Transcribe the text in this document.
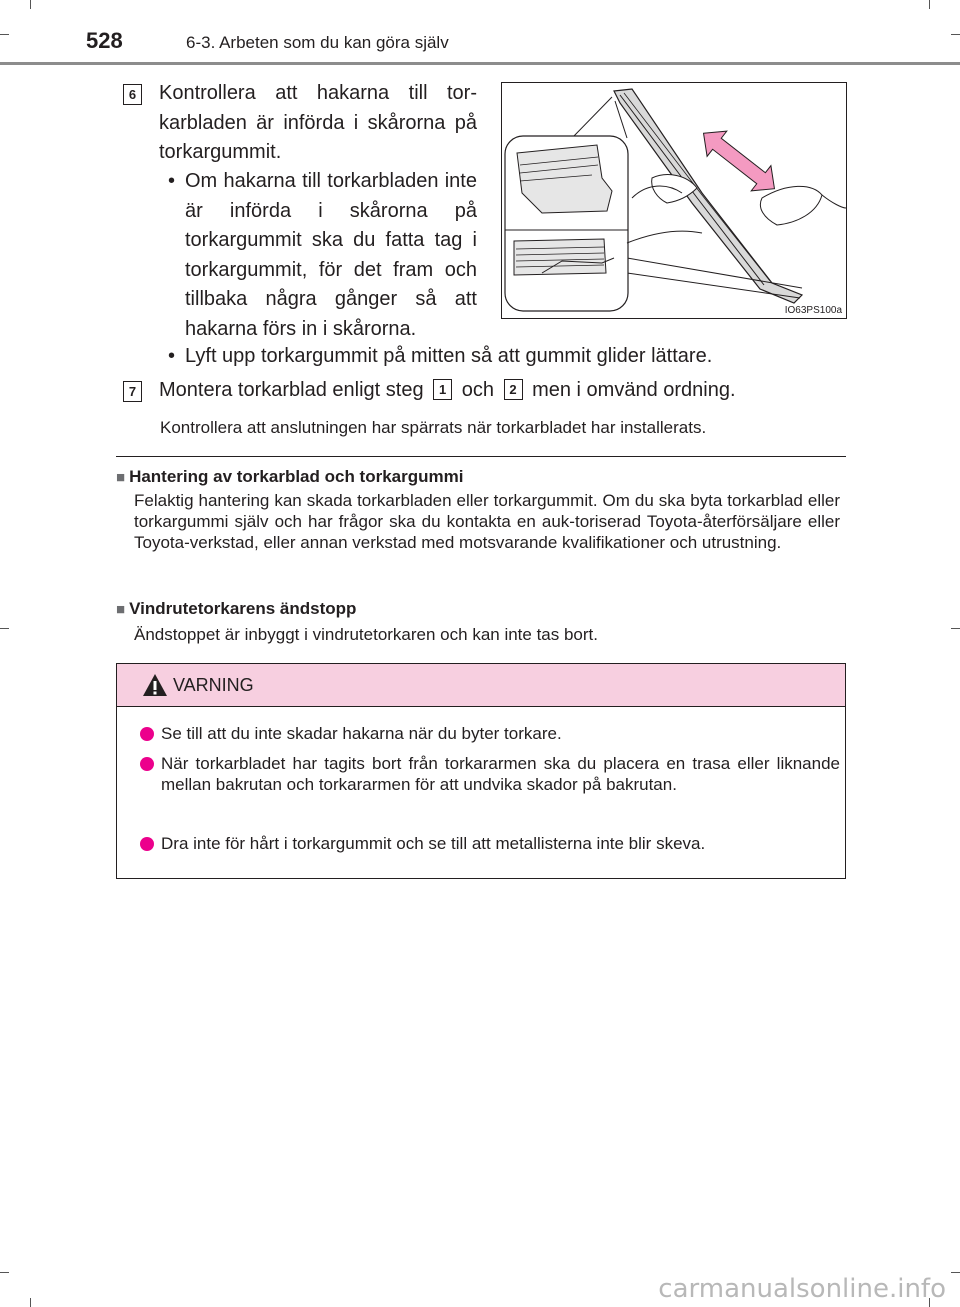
528	6-3. Arbeten som du kan göra själv
6 Kontrollera att hakarna till tor-karbladen är införda i skårorna på torkargummit.
• Om hakarna till torkarbladen inte är införda i skårorna på torkargummit ska du fatta tag i torkargummit, för det fram och tillbaka några gånger så att hakarna förs in i skårorna.
• Lyft upp torkargummit på mitten så att gummit glider lättare.
IO63PS100a
7 Montera torkarblad enligt steg 1 och 2 men i omvänd ordning.
Kontrollera att anslutningen har spärrats när torkarbladet har installerats.
■ Hantering av torkarblad och torkargummi
Felaktig hantering kan skada torkarbladen eller torkargummit. Om du ska byta torkarblad eller torkargummi själv och har frågor ska du kontakta en auk-toriserad Toyota-återförsäljare eller Toyota-verkstad, eller annan verkstad med motsvarande kvalifikationer och utrustning.
■ Vindrutetorkarens ändstopp
Ändstoppet är inbyggt i vindrutetorkaren och kan inte tas bort.
VARNING
Se till att du inte skadar hakarna när du byter torkare.
När torkarbladet har tagits bort från torkararmen ska du placera en trasa eller liknande mellan bakrutan och torkararmen för att undvika skador på bakrutan.
Dra inte för hårt i torkargummit och se till att metallisterna inte blir skeva.
carmanualsonline.info
